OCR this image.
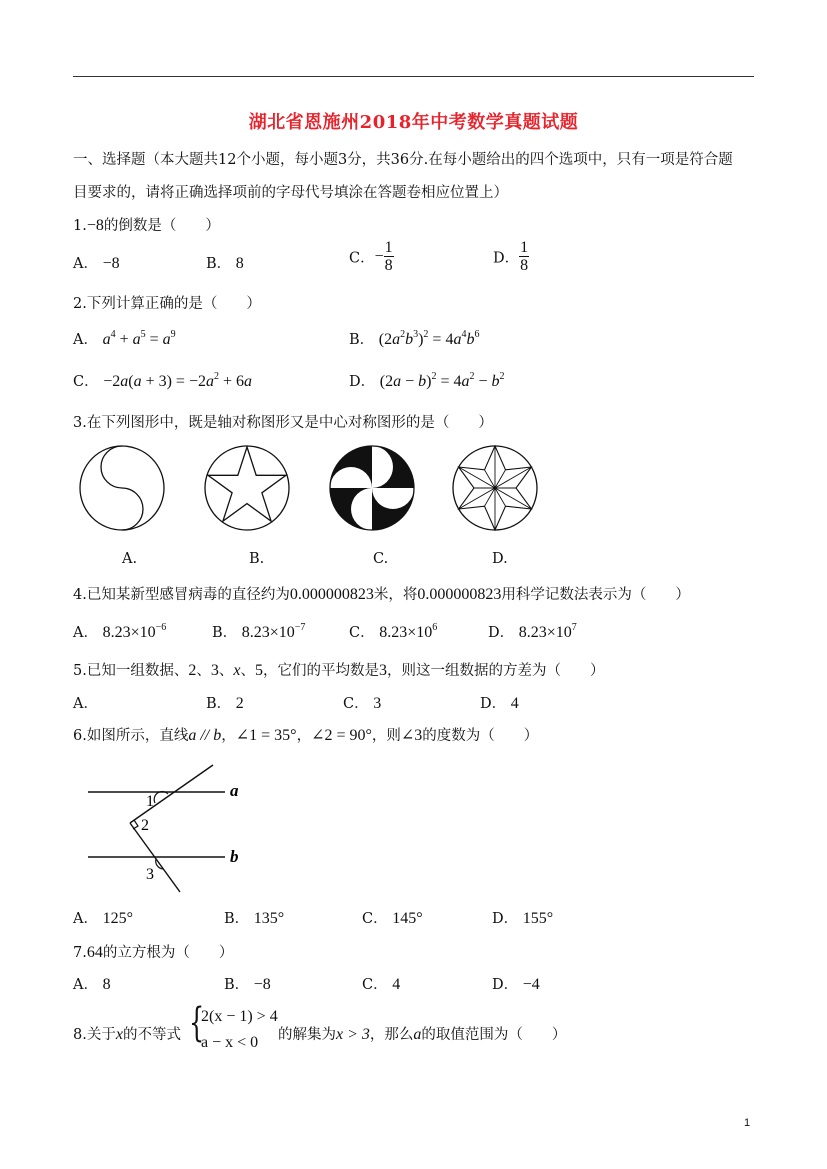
湖北省恩施州2018年中考数学真题试题
一、选择题（本大题共12个小题，每小题3分，共36分.在每小题给出的四个选项中，只有一项是符合题
目要求的，请将正确选择项前的字母代号填涂在答题卷相应位置上）
1.−8的倒数是（　　）
A． −8	B． 8	C．− $\frac{1}{8}$	D． $\frac{1}{8}$
2.下列计算正确的是（　　）
A． $a^4 + a^5 = a^9$	B． $(2a^2b^3)^2 = 4a^4b^6$
C． $-2a(a + 3) = -2a^2 + 6a$	D． $(2a - b)^2 = 4a^2 - b^2$
3.在下列图形中，既是轴对称图形又是中心对称图形的是（　　）
A.	B.	C.	D.
4.已知某新型感冒病毒的直径约为0.000000823米，将0.000000823用科学记数法表示为（　　）
A． $8.23\times 10^{-6}$	B． $8.23\times 10^{-7}$	C． $8.23\times 10^6$	D． $8.23\times 10^7$
5.已知一组数据、2、3、x、5，它们的平均数是3，则这一组数据的方差为（　　）
A．	B． 2	C． 3	D． 4
6.如图所示，直线a // b，∠1 = 35°，∠2 = 90°，则∠3的度数为（　　）
a
b
1
2
3
A． 125°	B． 135°	C． 145°	D． 155°
7.64的立方根为（　　）
A． 8	B． −8	C． 4	D． −4
8.关于x的不等式 {
2(x − 1) > 4
a − x < 0 的解集为x > 3，那么a的取值范围为（　　）
1
